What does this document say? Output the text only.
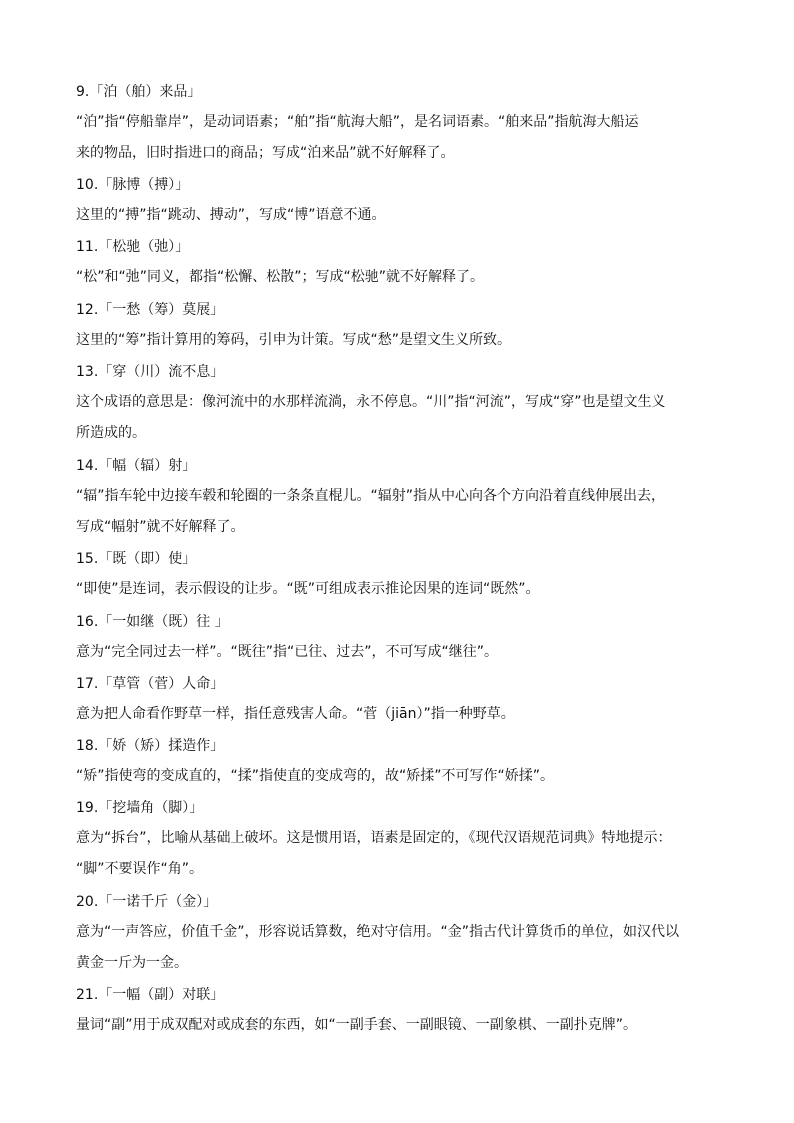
9.「泊（舶）来品」
“泊”指“停船靠岸”，是动词语素；“舶”指“航海大船”，是名词语素。“舶来品”指航海大船运
来的物品，旧时指进口的商品；写成“泊来品”就不好解释了。
10.「脉博（搏）」
这里的“搏”指“跳动、搏动”，写成“博”语意不通。
11.「松驰（弛）」
“松”和“弛”同义，都指“松懈、松散”；写成“松驰”就不好解释了。
12.「一愁（筹）莫展」
这里的“筹”指计算用的筹码，引申为计策。写成“愁”是望文生义所致。
13.「穿（川）流不息」
这个成语的意思是：像河流中的水那样流淌，永不停息。“川”指“河流”，写成“穿”也是望文生义
所造成的。
14.「幅（辐）射」
“辐”指车轮中边接车毂和轮圈的一条条直棍儿。“辐射”指从中心向各个方向沿着直线伸展出去，
写成“幅射”就不好解释了。
15.「既（即）使」
“即使”是连词，表示假设的让步。“既”可组成表示推论因果的连词“既然”。
16.「一如继（既）往 」
意为“完全同过去一样”。“既往”指“已往、过去”，不可写成“继往”。
17.「草管（菅）人命」
意为把人命看作野草一样，指任意残害人命。“菅（jiān）”指一种野草。
18.「娇（矫）揉造作」
“矫”指使弯的变成直的，“揉”指使直的变成弯的，故“矫揉”不可写作“娇揉”。
19.「挖墙角（脚）」
意为“拆台”，比喻从基础上破坏。这是惯用语，语素是固定的，《现代汉语规范词典》特地提示：
“脚”不要误作“角”。
20.「一诺千斤（金）」
意为“一声答应，价值千金”，形容说话算数，绝对守信用。“金”指古代计算货币的单位，如汉代以
黄金一斤为一金。
21.「一幅（副）对联」
量词“副”用于成双配对或成套的东西，如“一副手套、一副眼镜、一副象棋、一副扑克牌”。
